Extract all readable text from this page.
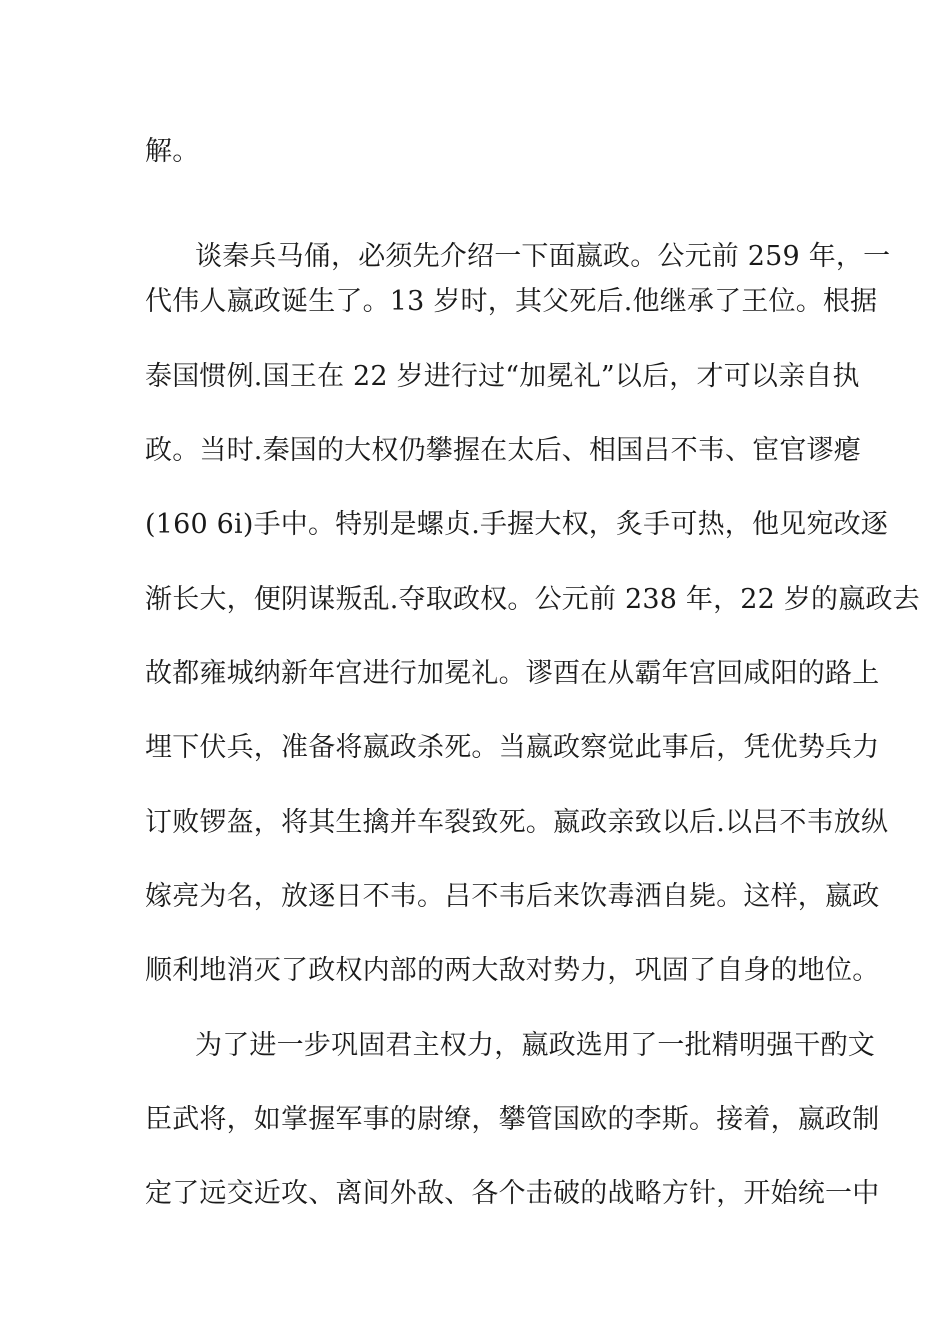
解。
谈秦兵马俑，必须先介绍一下面嬴政。公元前 259 年，一
代伟人嬴政诞生了。13 岁时，其父死后.他继承了王位。根据
泰国惯例.国王在 22 岁进行过“加冕礼”以后，才可以亲自执
政。当时.秦国的大权仍攀握在太后、相国吕不韦、宦官谬瘪
(160 6i)手中。特别是螺贞.手握大权，炙手可热，他见宛改逐
渐长大，便阴谋叛乱.夺取政权。公元前 238 年，22 岁的嬴政去
故都雍城纳新年宫进行加冕礼。谬酉在从霸年宫回咸阳的路上
埋下伏兵，准备将嬴政杀死。当嬴政察觉此事后，凭优势兵力
订败锣盔，将其生擒并车裂致死。嬴政亲致以后.以吕不韦放纵
嫁亮为名，放逐日不韦。吕不韦后来饮毒洒自毙。这样，嬴政
顺利地消灭了政权内部的两大敌对势力，巩固了自身的地位。
为了进一步巩固君主权力，嬴政选用了一批精明强干酌文
臣武将，如掌握军事的尉缭，攀管国欧的李斯。接着，嬴政制
定了远交近攻、离间外敌、各个击破的战略方针，开始统一中
